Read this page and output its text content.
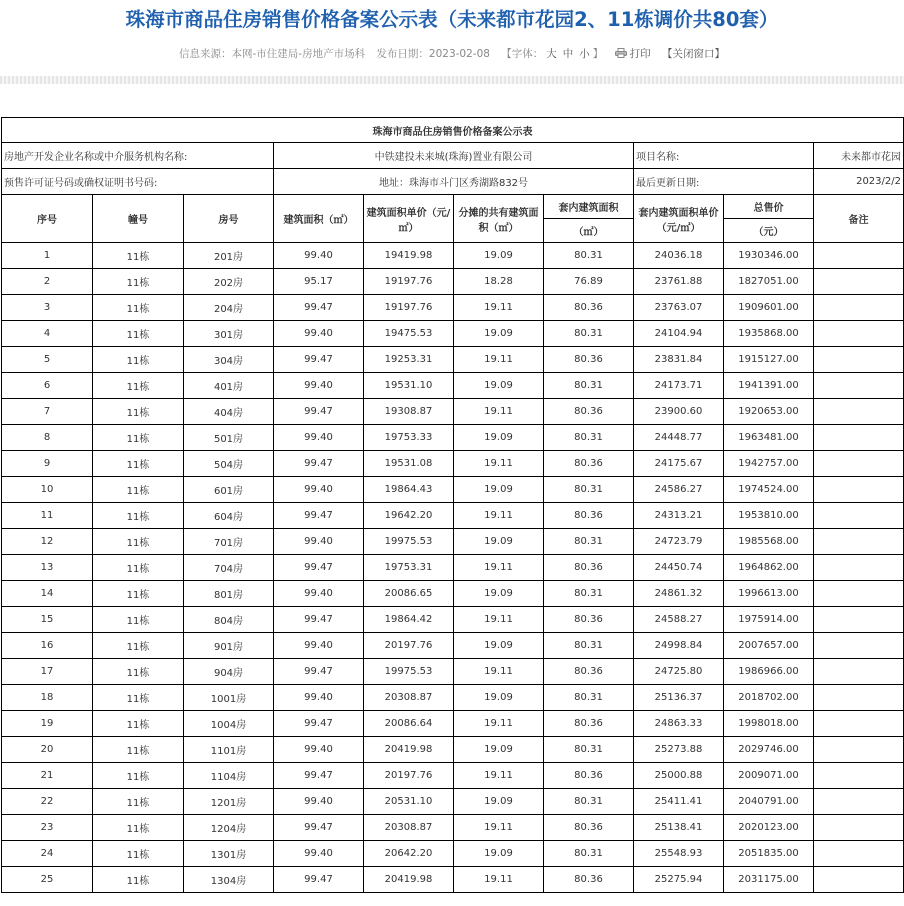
珠海市商品住房销售价格备案公示表（未来都市花园2、11栋调价共80套）
信息来源：本网-市住建局-房地产市场科 发布日期：2023-02-08 【字体： 大 中 小 】	打印 【关闭窗口】
珠海市商品住房销售价格备案公示表									
房地产开发企业名称或中介服务机构名称:			中铁建投未来城(珠海)置业有限公司				项目名称:		未来都市花园
预售许可证号码或确权证明书号码:			地址：珠海市斗门区秀湖路832号				最后更新日期:		2023/2/2
序号	幢号	房号	建筑面积（㎡）	建筑面积单价（元/㎡）	分摊的共有建筑面积（㎡）	套内建筑面积	套内建筑面积单价（元/㎡）	总售价	备注
						（㎡）		（元）	
1	11栋	201房	99.40	19419.98	19.09	80.31	24036.18	1930346.00	
2	11栋	202房	95.17	19197.76	18.28	76.89	23761.88	1827051.00	
3	11栋	204房	99.47	19197.76	19.11	80.36	23763.07	1909601.00	
4	11栋	301房	99.40	19475.53	19.09	80.31	24104.94	1935868.00	
5	11栋	304房	99.47	19253.31	19.11	80.36	23831.84	1915127.00	
6	11栋	401房	99.40	19531.10	19.09	80.31	24173.71	1941391.00	
7	11栋	404房	99.47	19308.87	19.11	80.36	23900.60	1920653.00	
8	11栋	501房	99.40	19753.33	19.09	80.31	24448.77	1963481.00	
9	11栋	504房	99.47	19531.08	19.11	80.36	24175.67	1942757.00	
10	11栋	601房	99.40	19864.43	19.09	80.31	24586.27	1974524.00	
11	11栋	604房	99.47	19642.20	19.11	80.36	24313.21	1953810.00	
12	11栋	701房	99.40	19975.53	19.09	80.31	24723.79	1985568.00	
13	11栋	704房	99.47	19753.31	19.11	80.36	24450.74	1964862.00	
14	11栋	801房	99.40	20086.65	19.09	80.31	24861.32	1996613.00	
15	11栋	804房	99.47	19864.42	19.11	80.36	24588.27	1975914.00	
16	11栋	901房	99.40	20197.76	19.09	80.31	24998.84	2007657.00	
17	11栋	904房	99.47	19975.53	19.11	80.36	24725.80	1986966.00	
18	11栋	1001房	99.40	20308.87	19.09	80.31	25136.37	2018702.00	
19	11栋	1004房	99.47	20086.64	19.11	80.36	24863.33	1998018.00	
20	11栋	1101房	99.40	20419.98	19.09	80.31	25273.88	2029746.00	
21	11栋	1104房	99.47	20197.76	19.11	80.36	25000.88	2009071.00	
22	11栋	1201房	99.40	20531.10	19.09	80.31	25411.41	2040791.00	
23	11栋	1204房	99.47	20308.87	19.11	80.36	25138.41	2020123.00	
24	11栋	1301房	99.40	20642.20	19.09	80.31	25548.93	2051835.00	
25	11栋	1304房	99.47	20419.98	19.11	80.36	25275.94	2031175.00	
